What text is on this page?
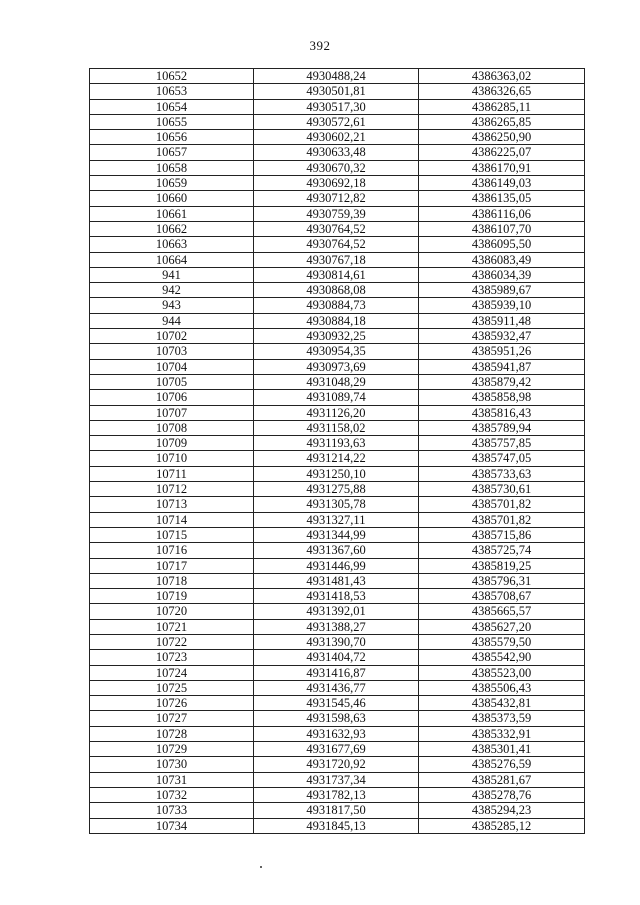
392
10652	4930488,24	4386363,02
10653	4930501,81	4386326,65
10654	4930517,30	4386285,11
10655	4930572,61	4386265,85
10656	4930602,21	4386250,90
10657	4930633,48	4386225,07
10658	4930670,32	4386170,91
10659	4930692,18	4386149,03
10660	4930712,82	4386135,05
10661	4930759,39	4386116,06
10662	4930764,52	4386107,70
10663	4930764,52	4386095,50
10664	4930767,18	4386083,49
941	4930814,61	4386034,39
942	4930868,08	4385989,67
943	4930884,73	4385939,10
944	4930884,18	4385911,48
10702	4930932,25	4385932,47
10703	4930954,35	4385951,26
10704	4930973,69	4385941,87
10705	4931048,29	4385879,42
10706	4931089,74	4385858,98
10707	4931126,20	4385816,43
10708	4931158,02	4385789,94
10709	4931193,63	4385757,85
10710	4931214,22	4385747,05
10711	4931250,10	4385733,63
10712	4931275,88	4385730,61
10713	4931305,78	4385701,82
10714	4931327,11	4385701,82
10715	4931344,99	4385715,86
10716	4931367,60	4385725,74
10717	4931446,99	4385819,25
10718	4931481,43	4385796,31
10719	4931418,53	4385708,67
10720	4931392,01	4385665,57
10721	4931388,27	4385627,20
10722	4931390,70	4385579,50
10723	4931404,72	4385542,90
10724	4931416,87	4385523,00
10725	4931436,77	4385506,43
10726	4931545,46	4385432,81
10727	4931598,63	4385373,59
10728	4931632,93	4385332,91
10729	4931677,69	4385301,41
10730	4931720,92	4385276,59
10731	4931737,34	4385281,67
10732	4931782,13	4385278,76
10733	4931817,50	4385294,23
10734	4931845,13	4385285,12
